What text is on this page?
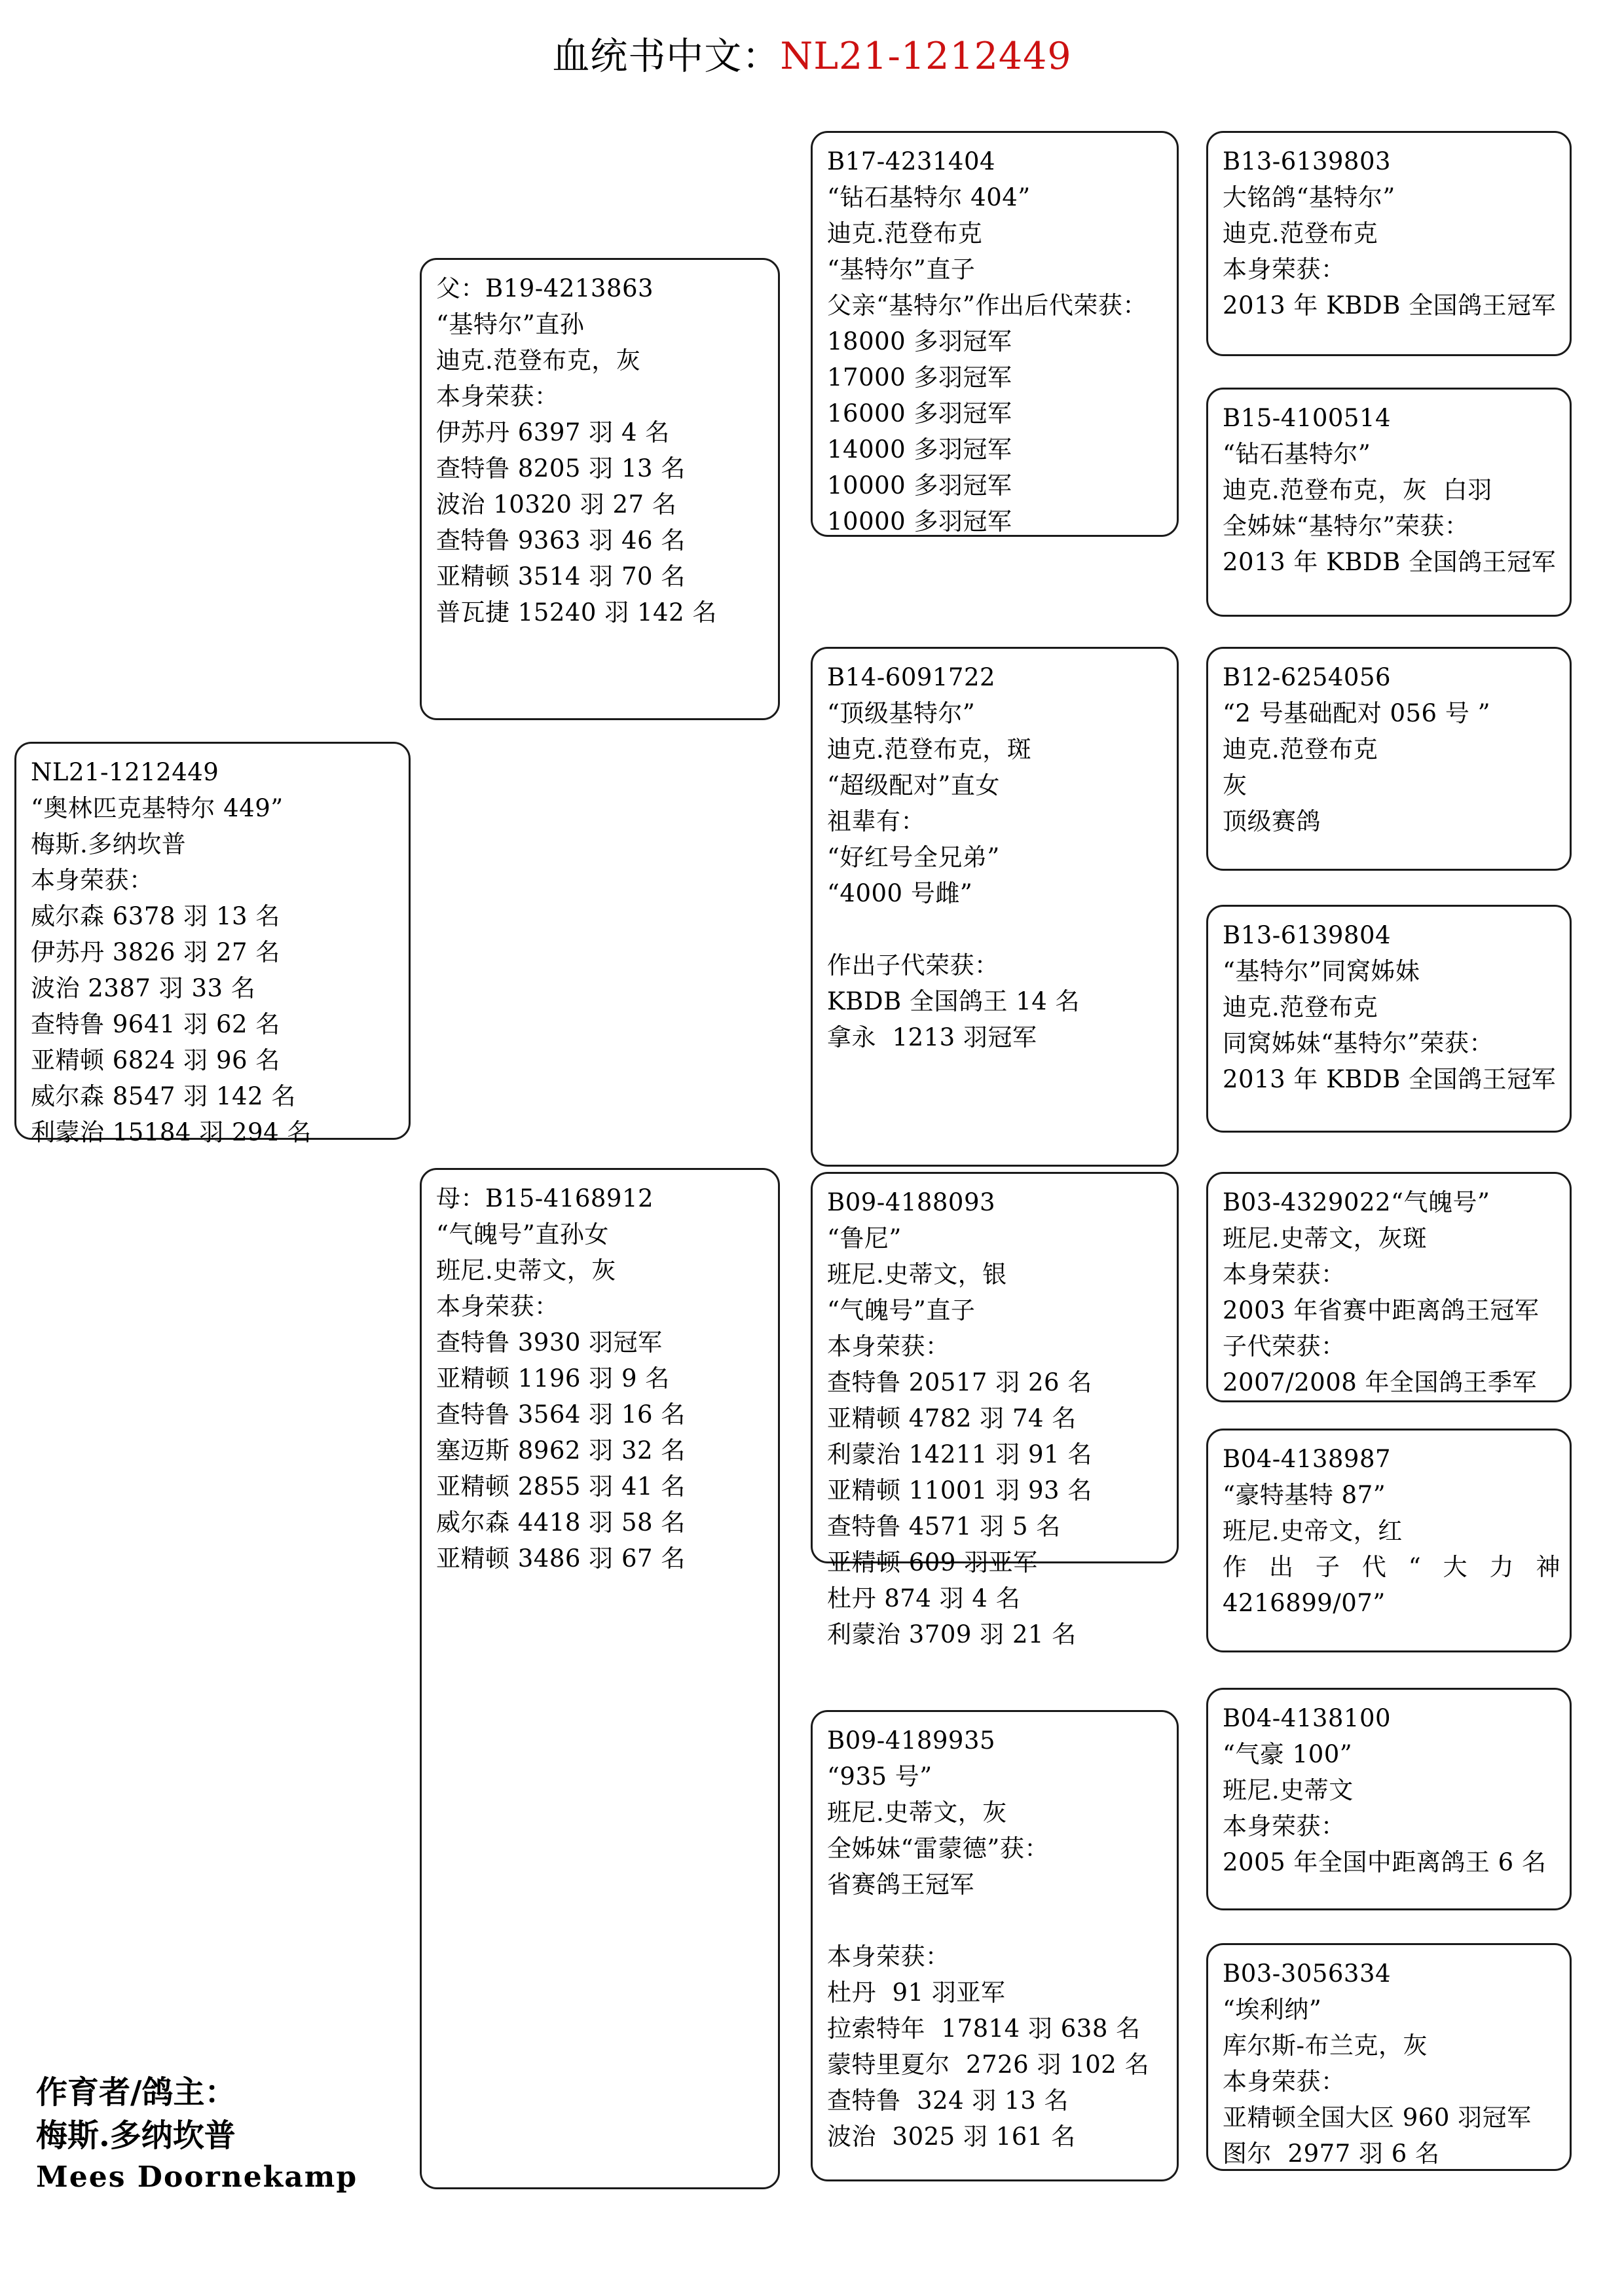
血统书中文：NL21-1212449
NL21-1212449
“奥林匹克基特尔 449”
梅斯.多纳坎普
本身荣获：
威尔森 6378 羽 13 名
伊苏丹 3826 羽 27 名
波治 2387 羽 33 名
查特鲁 9641 羽 62 名
亚精顿 6824 羽 96 名
威尔森 8547 羽 142 名
利蒙治 15184 羽 294 名
父：B19-4213863
“基特尔”直孙
迪克.范登布克，灰
本身荣获：
伊苏丹 6397 羽 4 名
查特鲁 8205 羽 13 名
波治 10320 羽 27 名
查特鲁 9363 羽 46 名
亚精顿 3514 羽 70 名
普瓦捷 15240 羽 142 名
母：B15-4168912
“气魄号”直孙女
班尼.史蒂文，灰
本身荣获：
查特鲁 3930 羽冠军
亚精顿 1196 羽 9 名
查特鲁 3564 羽 16 名
塞迈斯 8962 羽 32 名
亚精顿 2855 羽 41 名
威尔森 4418 羽 58 名
亚精顿 3486 羽 67 名
B17-4231404
“钻石基特尔 404”
迪克.范登布克
“基特尔”直子
父亲“基特尔”作出后代荣获：
18000 多羽冠军
17000 多羽冠军
16000 多羽冠军
14000 多羽冠军
10000 多羽冠军
10000 多羽冠军
B14-6091722
“顶级基特尔”
迪克.范登布克，斑
“超级配对”直女
祖辈有：
“好红号全兄弟”
“4000 号雌”
作出子代荣获：
KBDB 全国鸽王 14 名
拿永  1213 羽冠军
B09-4188093
“鲁尼”
班尼.史蒂文，银
“气魄号”直子
本身荣获：
查特鲁 20517 羽 26 名
亚精顿 4782 羽 74 名
利蒙治 14211 羽 91 名
亚精顿 11001 羽 93 名
查特鲁 4571 羽 5 名
亚精顿 609 羽亚军
杜丹 874 羽 4 名
利蒙治 3709 羽 21 名
B09-4189935
“935 号”
班尼.史蒂文，灰
全姊妹“雷蒙德”获：
省赛鸽王冠军
本身荣获：
杜丹  91 羽亚军
拉索特年  17814 羽 638 名
蒙特里夏尔  2726 羽 102 名
查特鲁  324 羽 13 名
波治  3025 羽 161 名
B13-6139803
大铭鸽“基特尔”
迪克.范登布克
本身荣获：
2013 年 KBDB 全国鸽王冠军
B15-4100514
“钻石基特尔”
迪克.范登布克，灰  白羽
全姊妹“基特尔”荣获：
2013 年 KBDB 全国鸽王冠军
B12-6254056
“2 号基础配对 056 号 ”
迪克.范登布克
灰
顶级赛鸽
B13-6139804
“基特尔”同窝姊妹
迪克.范登布克
同窝姊妹“基特尔”荣获：
2013 年 KBDB 全国鸽王冠军
B03-4329022“气魄号”
班尼.史蒂文，灰斑
本身荣获：
2003 年省赛中距离鸽王冠军
子代荣获：
2007/2008 年全国鸽王季军
B04-4138987
“豪特基特 87”
班尼.史帝文，红
作出子代“大力神
4216899/07”
B04-4138100
“气豪 100”
班尼.史蒂文
本身荣获：
2005 年全国中距离鸽王 6 名
B03-3056334
“埃利纳”
库尔斯-布兰克，灰
本身荣获：
亚精顿全国大区 960 羽冠军
图尔  2977 羽 6 名
作育者/鸽主：
梅斯.多纳坎普
Mees Doornekamp
